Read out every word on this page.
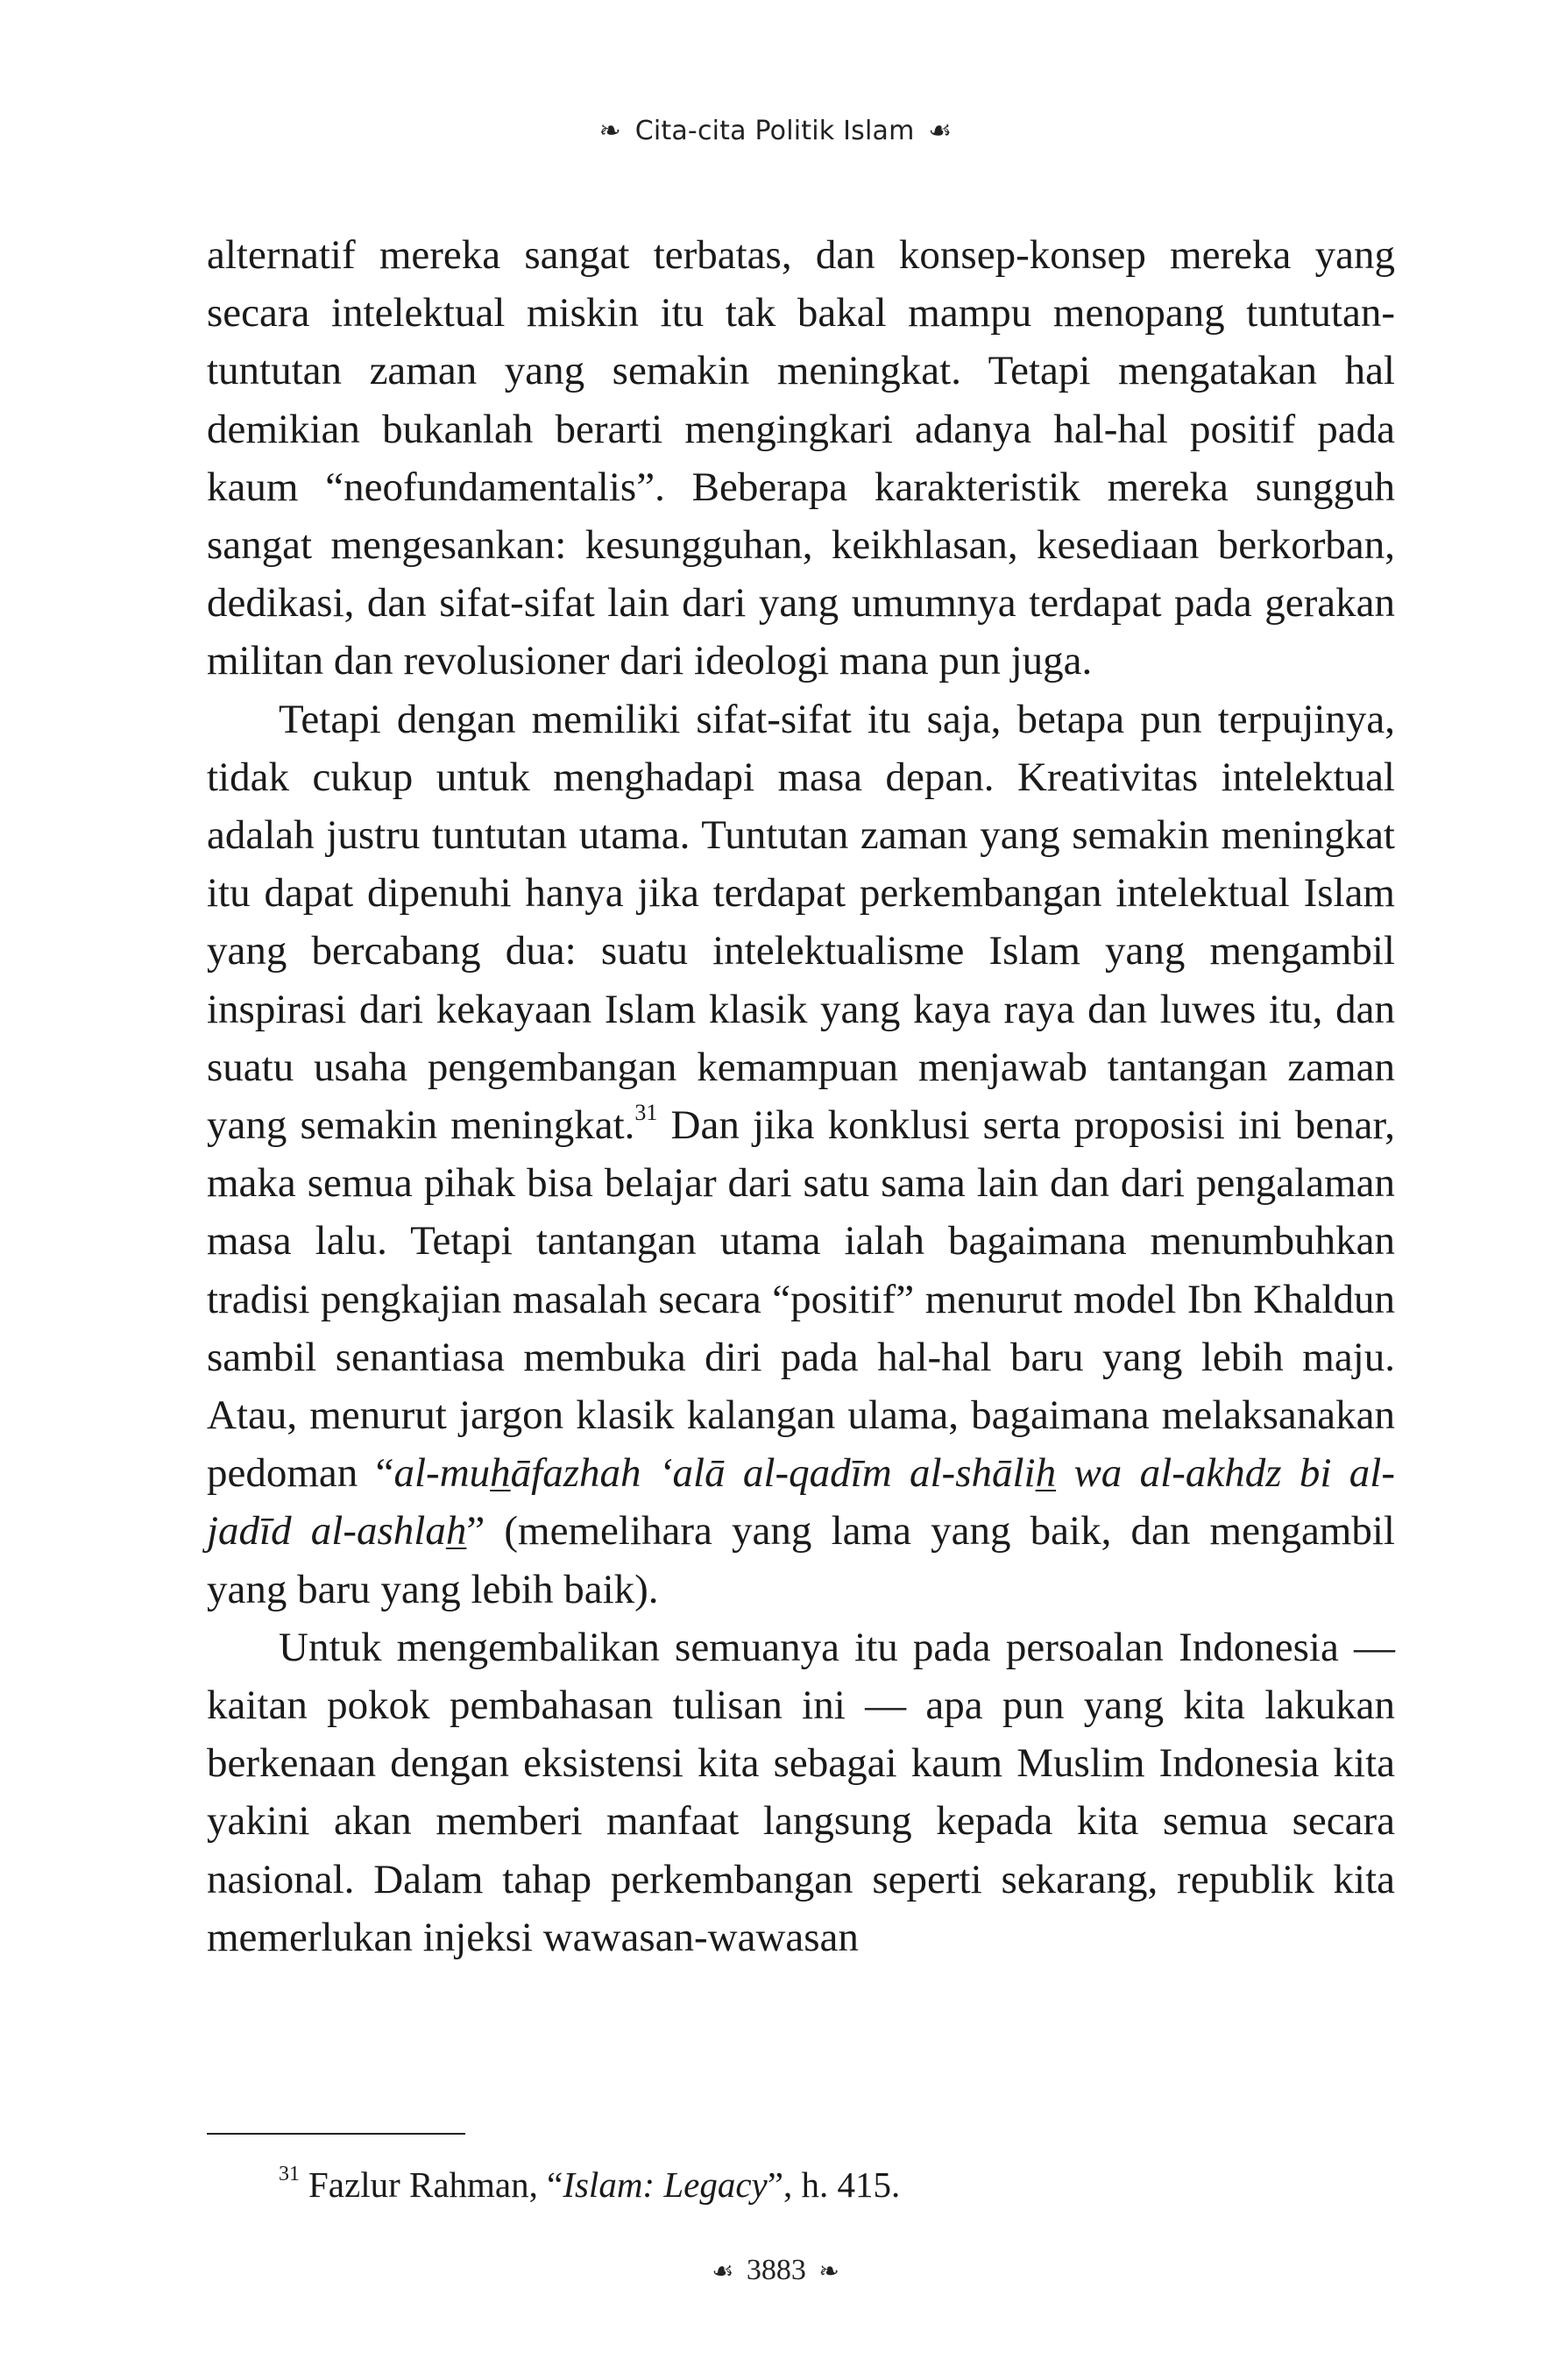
❧ Cita-cita Politik Islam ☙

alternatif mereka sangat terbatas, dan konsep-konsep mereka yang secara intelektual miskin itu tak bakal mampu menopang tuntutan-tuntutan zaman yang semakin meningkat. Tetapi mengatakan hal demikian bukanlah berarti mengingkari adanya hal-hal positif pada kaum “neofundamentalis”. Beberapa karakteristik mereka sungguh sangat mengesankan: kesungguhan, keikhlasan, kesediaan berkorban, dedikasi, dan sifat-sifat lain dari yang umumnya terdapat pada gerakan militan dan revolusioner dari ideologi mana pun juga.

Tetapi dengan memiliki sifat-sifat itu saja, betapa pun terpujinya, tidak cukup untuk menghadapi masa depan. Kreativitas intelektual adalah justru tuntutan utama. Tuntutan zaman yang semakin meningkat itu dapat dipenuhi hanya jika terdapat perkembangan intelektual Islam yang bercabang dua: suatu intelektualisme Islam yang mengambil inspirasi dari kekayaan Islam klasik yang kaya raya dan luwes itu, dan suatu usaha pengembangan kemampuan menjawab tantangan zaman yang semakin meningkat.$^{31}$ Dan jika konklusi serta proposisi ini benar, maka semua pihak bisa belajar dari satu sama lain dan dari pengalaman masa lalu. Tetapi tantangan utama ialah bagaimana menumbuhkan tradisi pengkajian masalah secara “positif” menurut model Ibn Khaldun sambil senantiasa membuka diri pada hal-hal baru yang lebih maju. Atau, menurut jargon klasik kalangan ulama, bagaimana melaksanakan pedoman “al-muhāfazhah ‘alā al-qadīm al-shālih wa al-akhdz bi al-jadīd al-ashlah” (memelihara yang lama yang baik, dan mengambil yang baru yang lebih baik).

Untuk mengembalikan semuanya itu pada persoalan Indonesia — kaitan pokok pembahasan tulisan ini — apa pun yang kita lakukan berkenaan dengan eksistensi kita sebagai kaum Muslim Indonesia kita yakini akan memberi manfaat langsung kepada kita semua secara nasional. Dalam tahap perkembangan seperti sekarang, republik kita memerlukan injeksi wawasan-wawasan

$^{31}$ Fazlur Rahman, “Islam: Legacy”, h. 415.
☙ 3883 ❧
